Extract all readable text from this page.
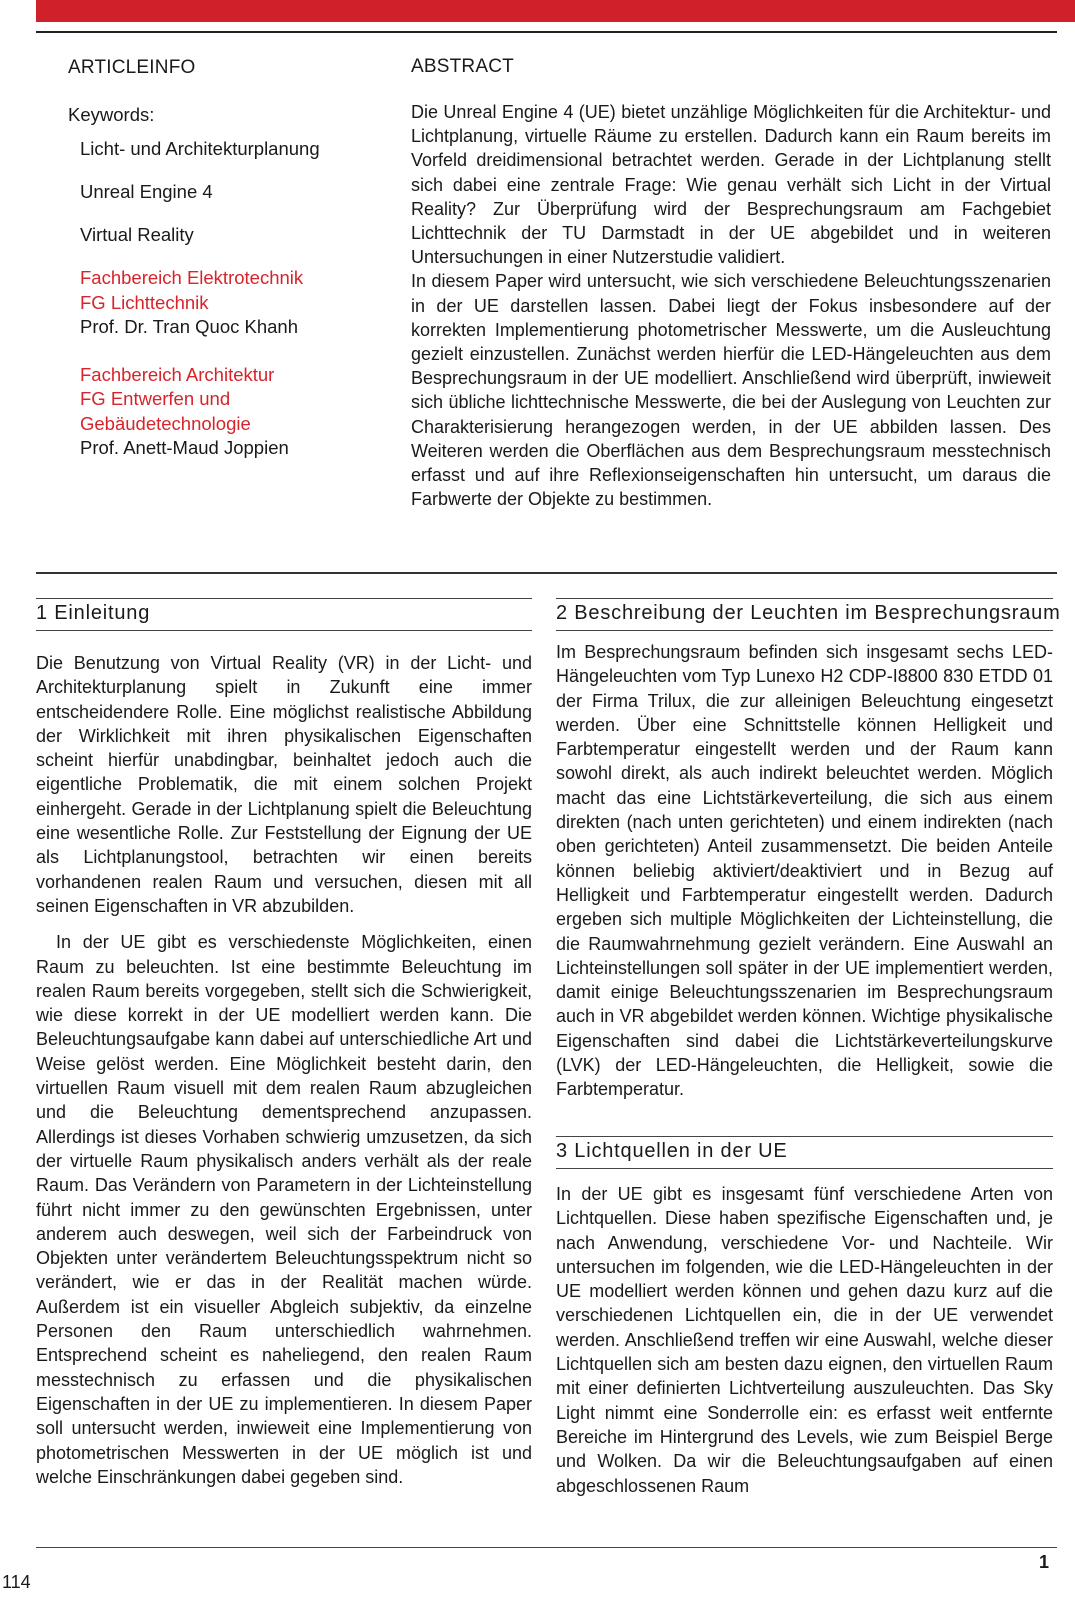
ARTICLEINFO

Keywords:
Licht- und Architekturplanung
Unreal Engine 4
Virtual Reality
Fachbereich Elektrotechnik
FG Lichttechnik
Prof. Dr. Tran Quoc Khanh
Fachbereich Architektur
FG Entwerfen und
Gebäudetechnologie
Prof. Anett-Maud Joppien

ABSTRACT

Die Unreal Engine 4 (UE) bietet unzählige Möglichkeiten für die Architektur- und Lichtplanung, virtuelle Räume zu erstellen. Dadurch kann ein Raum bereits im Vorfeld dreidimensional betrachtet werden. Gerade in der Lichtplanung stellt sich dabei eine zentrale Frage: Wie genau verhält sich Licht in der Virtual Reality? Zur Überprüfung wird der Besprechungsraum am Fachgebiet Lichttechnik der TU Darmstadt in der UE abgebildet und in weiteren Untersuchungen in einer Nutzerstudie validiert.

In diesem Paper wird untersucht, wie sich verschiedene Beleuchtungsszenarien in der UE darstellen lassen. Dabei liegt der Fokus insbesondere auf der korrekten Implementierung photometrischer Messwerte, um die Ausleuchtung gezielt einzustellen. Zunächst werden hierfür die LED-Hängeleuchten aus dem Besprechungsraum in der UE modelliert. Anschließend wird überprüft, inwieweit sich übliche lichttechnische Messwerte, die bei der Auslegung von Leuchten zur Charakterisierung herangezogen werden, in der UE abbilden lassen. Des Weiteren werden die Oberflächen aus dem Besprechungsraum messtechnisch erfasst und auf ihre Reflexionseigenschaften hin untersucht, um daraus die Farbwerte der Objekte zu bestimmen.

1 Einleitung

Die Benutzung von Virtual Reality (VR) in der Licht- und Architekturplanung spielt in Zukunft eine immer entscheidendere Rolle. Eine möglichst realistische Abbildung der Wirklichkeit mit ihren physikalischen Eigenschaften scheint hierfür unabdingbar, beinhaltet jedoch auch die eigentliche Problematik, die mit einem solchen Projekt einhergeht. Gerade in der Lichtplanung spielt die Beleuchtung eine wesentliche Rolle. Zur Feststellung der Eignung der UE als Lichtplanungstool, betrachten wir einen bereits vorhandenen realen Raum und versuchen, diesen mit all seinen Eigenschaften in VR abzubilden.

In der UE gibt es verschiedenste Möglichkeiten, einen Raum zu beleuchten. Ist eine bestimmte Beleuchtung im realen Raum bereits vorgegeben, stellt sich die Schwierigkeit, wie diese korrekt in der UE modelliert werden kann. Die Beleuchtungsaufgabe kann dabei auf unterschiedliche Art und Weise gelöst werden. Eine Möglichkeit besteht darin, den virtuellen Raum visuell mit dem realen Raum abzugleichen und die Beleuchtung dementsprechend anzupassen. Allerdings ist dieses Vorhaben schwierig umzusetzen, da sich der virtuelle Raum physikalisch anders verhält als der reale Raum. Das Verändern von Parametern in der Lichteinstellung führt nicht immer zu den gewünschten Ergebnissen, unter anderem auch deswegen, weil sich der Farbeindruck von Objekten unter verändertem Beleuchtungsspektrum nicht so verändert, wie er das in der Realität machen würde. Außerdem ist ein visueller Abgleich subjektiv, da einzelne Personen den Raum unterschiedlich wahrnehmen. Entsprechend scheint es naheliegend, den realen Raum messtechnisch zu erfassen und die physikalischen Eigenschaften in der UE zu implementieren. In diesem Paper soll untersucht werden, inwieweit eine Implementierung von photometrischen Messwerten in der UE möglich ist und welche Einschränkungen dabei gegeben sind.

2 Beschreibung der Leuchten im Besprechungsraum

Im Besprechungsraum befinden sich insgesamt sechs LED-Hängeleuchten vom Typ Lunexo H2 CDP-I8800 830 ETDD 01 der Firma Trilux, die zur alleinigen Beleuchtung eingesetzt werden. Über eine Schnittstelle können Helligkeit und Farbtemperatur eingestellt werden und der Raum kann sowohl direkt, als auch indirekt beleuchtet werden. Möglich macht das eine Lichtstärkeverteilung, die sich aus einem direkten (nach unten gerichteten) und einem indirekten (nach oben gerichteten) Anteil zusammensetzt. Die beiden Anteile können beliebig aktiviert/deaktiviert und in Bezug auf Helligkeit und Farbtemperatur eingestellt werden. Dadurch ergeben sich multiple Möglichkeiten der Lichteinstellung, die die Raumwahrnehmung gezielt verändern. Eine Auswahl an Lichteinstellungen soll später in der UE implementiert werden, damit einige Beleuchtungsszenarien im Besprechungsraum auch in VR abgebildet werden können. Wichtige physikalische Eigenschaften sind dabei die Lichtstärkeverteilungskurve (LVK) der LED-Hängeleuchten, die Helligkeit, sowie die Farbtemperatur.

3 Lichtquellen in der UE

In der UE gibt es insgesamt fünf verschiedene Arten von Lichtquellen. Diese haben spezifische Eigenschaften und, je nach Anwendung, verschiedene Vor- und Nachteile. Wir untersuchen im folgenden, wie die LED-Hängeleuchten in der UE modelliert werden können und gehen dazu kurz auf die verschiedenen Lichtquellen ein, die in der UE verwendet werden. Anschließend treffen wir eine Auswahl, welche dieser Lichtquellen sich am besten dazu eignen, den virtuellen Raum mit einer definierten Lichtverteilung auszuleuchten. Das Sky Light nimmt eine Sonderrolle ein: es erfasst weit entfernte Bereiche im Hintergrund des Levels, wie zum Beispiel Berge und Wolken. Da wir die Beleuchtungsaufgaben auf einen abgeschlossenen Raum

114
1
